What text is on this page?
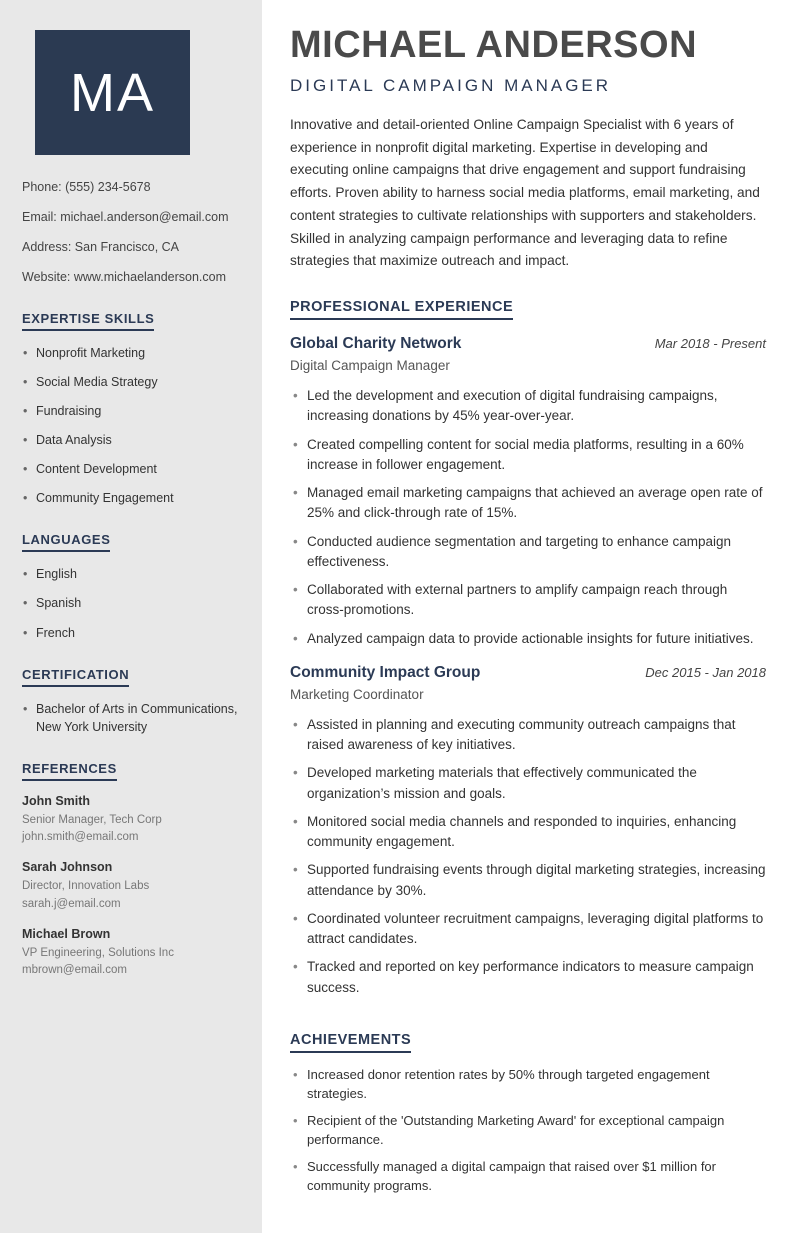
MA

Phone: (555) 234-5678

Email: michael.anderson@email.com

Address: San Francisco, CA

Website: www.michaelanderson.com

EXPERTISE SKILLS
• Nonprofit Marketing
• Social Media Strategy
• Fundraising
• Data Analysis
• Content Development
• Community Engagement
LANGUAGES
• English
• Spanish
• French
CERTIFICATION
• Bachelor of Arts in Communications, New York University
REFERENCES
John Smith
Senior Manager, Tech Corp
john.smith@email.com
Sarah Johnson
Director, Innovation Labs
sarah.j@email.com
Michael Brown
VP Engineering, Solutions Inc
mbrown@email.com
MICHAEL ANDERSON
DIGITAL CAMPAIGN MANAGER

Innovative and detail-oriented Online Campaign Specialist with 6 years of experience in nonprofit digital marketing. Expertise in developing and executing online campaigns that drive engagement and support fundraising efforts. Proven ability to harness social media platforms, email marketing, and content strategies to cultivate relationships with supporters and stakeholders. Skilled in analyzing campaign performance and leveraging data to refine strategies that maximize outreach and impact.

PROFESSIONAL EXPERIENCE
Global Charity Network	Mar 2018 - Present
Digital Campaign Manager
• Led the development and execution of digital fundraising campaigns, increasing donations by 45% year-over-year.
• Created compelling content for social media platforms, resulting in a 60% increase in follower engagement.
• Managed email marketing campaigns that achieved an average open rate of 25% and click-through rate of 15%.
• Conducted audience segmentation and targeting to enhance campaign effectiveness.
• Collaborated with external partners to amplify campaign reach through cross-promotions.
• Analyzed campaign data to provide actionable insights for future initiatives.
Community Impact Group	Dec 2015 - Jan 2018
Marketing Coordinator
• Assisted in planning and executing community outreach campaigns that raised awareness of key initiatives.
• Developed marketing materials that effectively communicated the organization’s mission and goals.
• Monitored social media channels and responded to inquiries, enhancing community engagement.
• Supported fundraising events through digital marketing strategies, increasing attendance by 30%.
• Coordinated volunteer recruitment campaigns, leveraging digital platforms to attract candidates.
• Tracked and reported on key performance indicators to measure campaign success.
ACHIEVEMENTS
• Increased donor retention rates by 50% through targeted engagement strategies.
• Recipient of the 'Outstanding Marketing Award' for exceptional campaign performance.
• Successfully managed a digital campaign that raised over $1 million for community programs.
